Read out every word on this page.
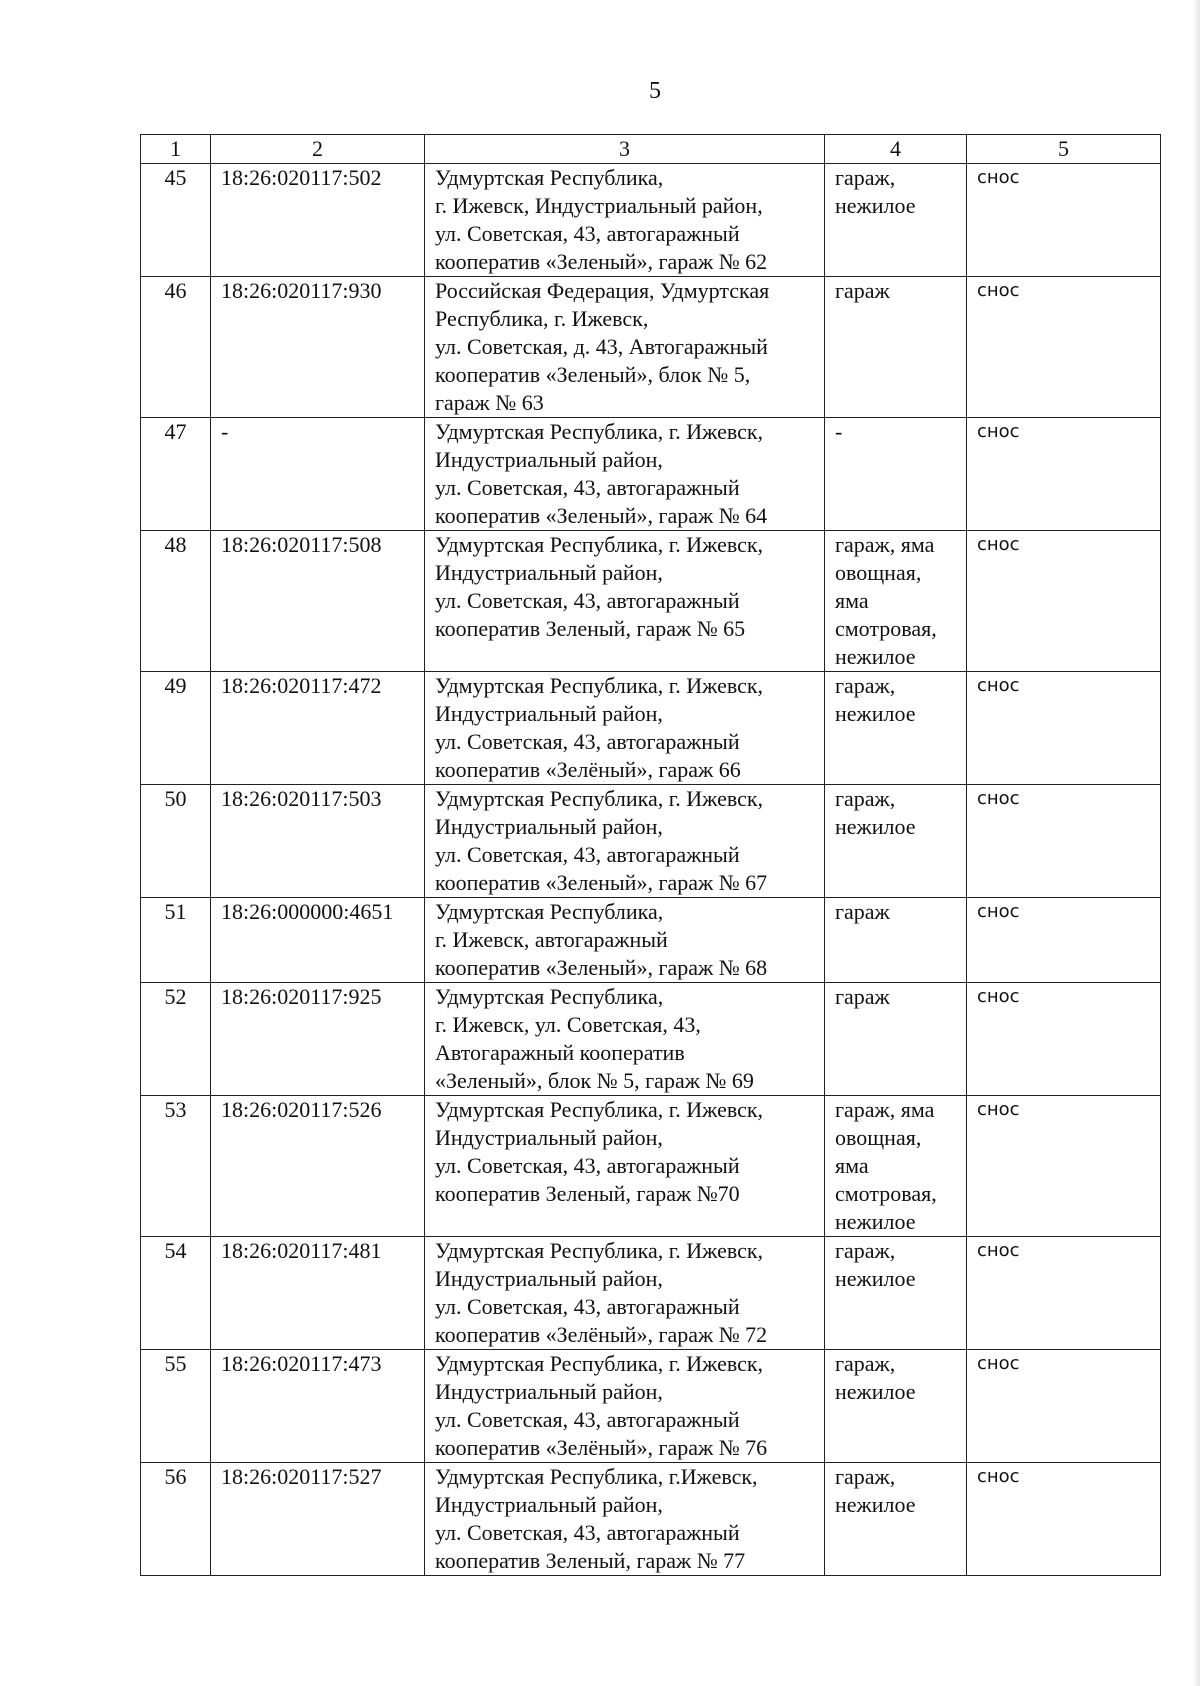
5
1	2	3	4	5
45	18:26:020117:502	Удмуртская Республика,
г. Ижевск, Индустриальный район,
ул. Советская, 43, автогаражный
кооператив «Зеленый», гараж № 62	гараж,
нежилое	снос
46	18:26:020117:930	Российская Федерация, Удмуртская
Республика, г. Ижевск,
ул. Советская, д. 43, Автогаражный
кооператив «Зеленый», блок № 5,
гараж № 63	гараж	снос
47	-	Удмуртская Республика, г. Ижевск,
Индустриальный район,
ул. Советская, 43, автогаражный
кооператив «Зеленый», гараж № 64	-	снос
48	18:26:020117:508	Удмуртская Республика, г. Ижевск,
Индустриальный район,
ул. Советская, 43, автогаражный
кооператив Зеленый, гараж № 65	гараж, яма
овощная,
яма
смотровая,
нежилое	снос
49	18:26:020117:472	Удмуртская Республика, г. Ижевск,
Индустриальный район,
ул. Советская, 43, автогаражный
кооператив «Зелёный», гараж 66	гараж,
нежилое	снос
50	18:26:020117:503	Удмуртская Республика, г. Ижевск,
Индустриальный район,
ул. Советская, 43, автогаражный
кооператив «Зеленый», гараж № 67	гараж,
нежилое	снос
51	18:26:000000:4651	Удмуртская Республика,
г. Ижевск, автогаражный
кооператив «Зеленый», гараж № 68	гараж	снос
52	18:26:020117:925	Удмуртская Республика,
г. Ижевск, ул. Советская, 43,
Автогаражный кооператив
«Зеленый», блок № 5, гараж № 69	гараж	снос
53	18:26:020117:526	Удмуртская Республика, г. Ижевск,
Индустриальный район,
ул. Советская, 43, автогаражный
кооператив Зеленый, гараж №70	гараж, яма
овощная,
яма
смотровая,
нежилое	снос
54	18:26:020117:481	Удмуртская Республика, г. Ижевск,
Индустриальный район,
ул. Советская, 43, автогаражный
кооператив «Зелёный», гараж № 72	гараж,
нежилое	снос
55	18:26:020117:473	Удмуртская Республика, г. Ижевск,
Индустриальный район,
ул. Советская, 43, автогаражный
кооператив «Зелёный», гараж № 76	гараж,
нежилое	снос
56	18:26:020117:527	Удмуртская Республика, г.Ижевск,
Индустриальный район,
ул. Советская, 43, автогаражный
кооператив Зеленый, гараж № 77	гараж,
нежилое	снос
